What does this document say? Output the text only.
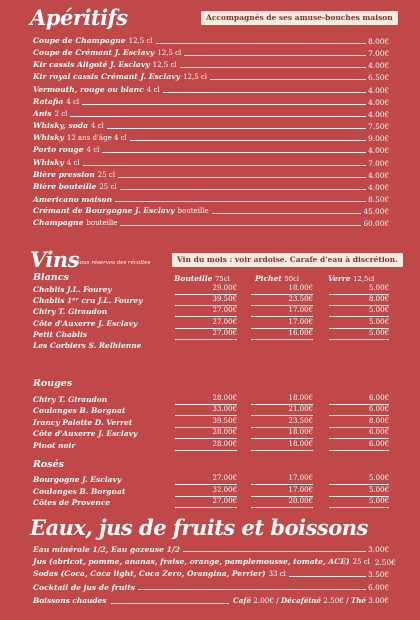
Apéritifs	Accompagnés de ses amuse-bouches maison
Coupe de Champagne 12,5 cl	8.00€
Coupe de Crémant J. Esclavy 12,5 cl	7.00€
Kir cassis Aligoté J. Esclavy 12,5 cl	4.00€
Kir royal cassis Crémant J. Esclavy 12,5 cl	6.50€
Vermouth, rouge ou blanc 4 cl	4.00€
Ratafia 4 cl	4.00€
Anis 2 cl	4.00€
Whisky, soda 4 cl	7.50€
Whisky 12 ans d'âge 4 cl	9.00€
Porto rouge 4 cl	4.00€
Whisky 4 cl	7.00€
Bière pression 25 cl	4.00€
Bière bouteille 25 cl	4.00€
Americano maison	8.50€
Crémant de Bourgogne J. Esclavy bouteille	45.00€
Champagne bouteille	60.00€
Vins
Sous réserves des récoltes	Vin du mois : voir ardoise. Carafe d'eau à discrétion.
Bouteille 75cl	Pichet 50cl	Verre 12,5cl
Blancs
Chablis J.L. Fourey	29.00€	18.00€	5.00€
Chablis 1ᵉʳ cru J.L. Fourey	39.50€	23.50€	8.00€
Chiry T. Giraudon	27.00€	17.00€	5.00€
Côte d'Auxerre J. Esclavy	27.00€	17.00€	5.00€
Petit Chablis	27.00€	16.00€	5.00€
Les Corbiers S. Relhienne
Rouges
Chiry T. Giraudon	28.00€	18.00€	6.00€
Coulanges B. Borgnat	33.00€	21.00€	6.00€
Irancy Palotte D. Verret	39.50€	23.50€	8.00€
Côte d'Auxerre J. Esclavy	28.00€	18.00€	6.00€
Pinot noir	28.00€	18.00€	6.00€
Rosés
Bourgogne J. Esclavy	27.00€	17.00€	5.00€
Coulanges B. Borgnat	32.00€	17.00€	5.00€
Côtes de Provence	27.00€	20.00€	5.00€
Eaux, jus de fruits et boissons
Eau minérale 1/2, Eau gazeuse 1/2	3.00€
Jus (abricot, pomme, ananas, fraise, orange, pamplemousse, tomate, ACE) 25 cl 2.50€
Sodas (Coca, Coca light, Coca Zero, Orangina, Perrier) 33 cl	3.50€
Cocktail de jus de fruits	6.00€
Boissons chaudes	Café 2.00€ / Décaféiné 2.50€ / Thé 3.00€
